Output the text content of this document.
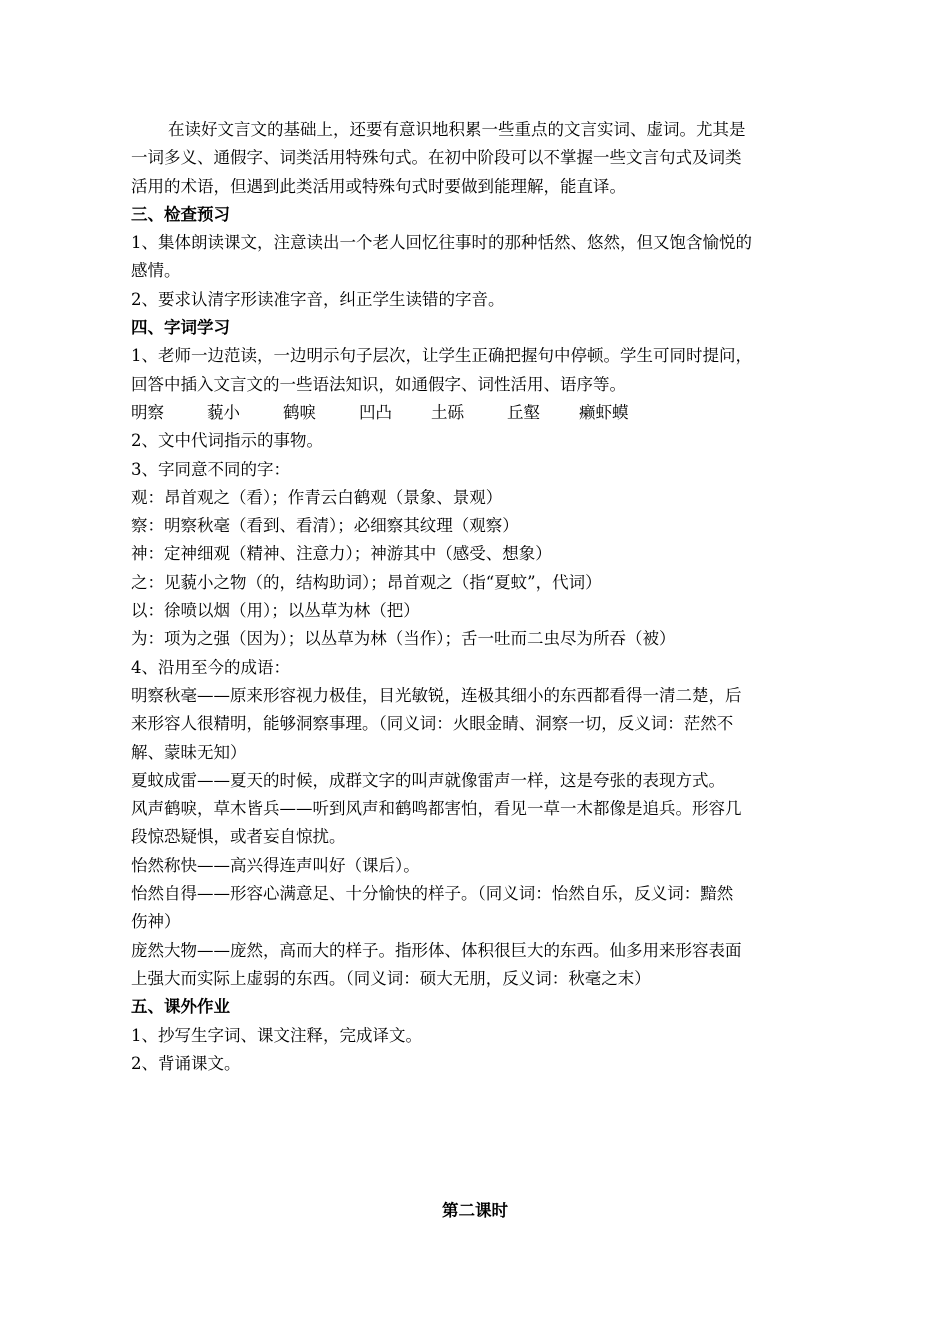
在读好文言文的基础上，还要有意识地积累一些重点的文言实词、虚词。尤其是
一词多义、通假字、词类活用特殊句式。在初中阶段可以不掌握一些文言句式及词类
活用的术语，但遇到此类活用或特殊句式时要做到能理解，能直译。
三、检查预习
1、集体朗读课文，注意读出一个老人回忆往事时的那种恬然、悠然，但又饱含愉悦的
感情。
2、要求认清字形读准字音，纠正学生读错的字音。
四、字词学习
1、老师一边范读，一边明示句子层次，让学生正确把握句中停顿。学生可同时提问，
回答中插入文言文的一些语法知识，如通假字、词性活用、语序等。
明察	藐小	鹤唳	凹凸	土砾	丘壑	癞虾蟆
2、文中代词指示的事物。
3、字同意不同的字：
观：昂首观之（看）；作青云白鹤观（景象、景观）
察：明察秋毫（看到、看清）；必细察其纹理（观察）
神：定神细观（精神、注意力）；神游其中（感受、想象）
之：见藐小之物（的，结构助词）；昂首观之（指“夏蚊”，代词）
以：徐喷以烟（用）；以丛草为林（把）
为：项为之强（因为）；以丛草为林（当作）；舌一吐而二虫尽为所吞（被）
4、沿用至今的成语：
明察秋毫——原来形容视力极佳，目光敏锐，连极其细小的东西都看得一清二楚，后
来形容人很精明，能够洞察事理。（同义词：火眼金睛、洞察一切，反义词：茫然不
解、蒙昧无知）
夏蚊成雷——夏天的时候，成群文字的叫声就像雷声一样，这是夸张的表现方式。
风声鹤唳，草木皆兵——听到风声和鹤鸣都害怕，看见一草一木都像是追兵。形容几
段惊恐疑惧，或者妄自惊扰。
怡然称快——高兴得连声叫好（课后）。
怡然自得——形容心满意足、十分愉快的样子。（同义词：怡然自乐，反义词：黯然
伤神）
庞然大物——庞然，高而大的样子。指形体、体积很巨大的东西。仙多用来形容表面
上强大而实际上虚弱的东西。（同义词：硕大无朋，反义词：秋毫之末）
五、课外作业
1、抄写生字词、课文注释，完成译文。
2、背诵课文。
第二课时
